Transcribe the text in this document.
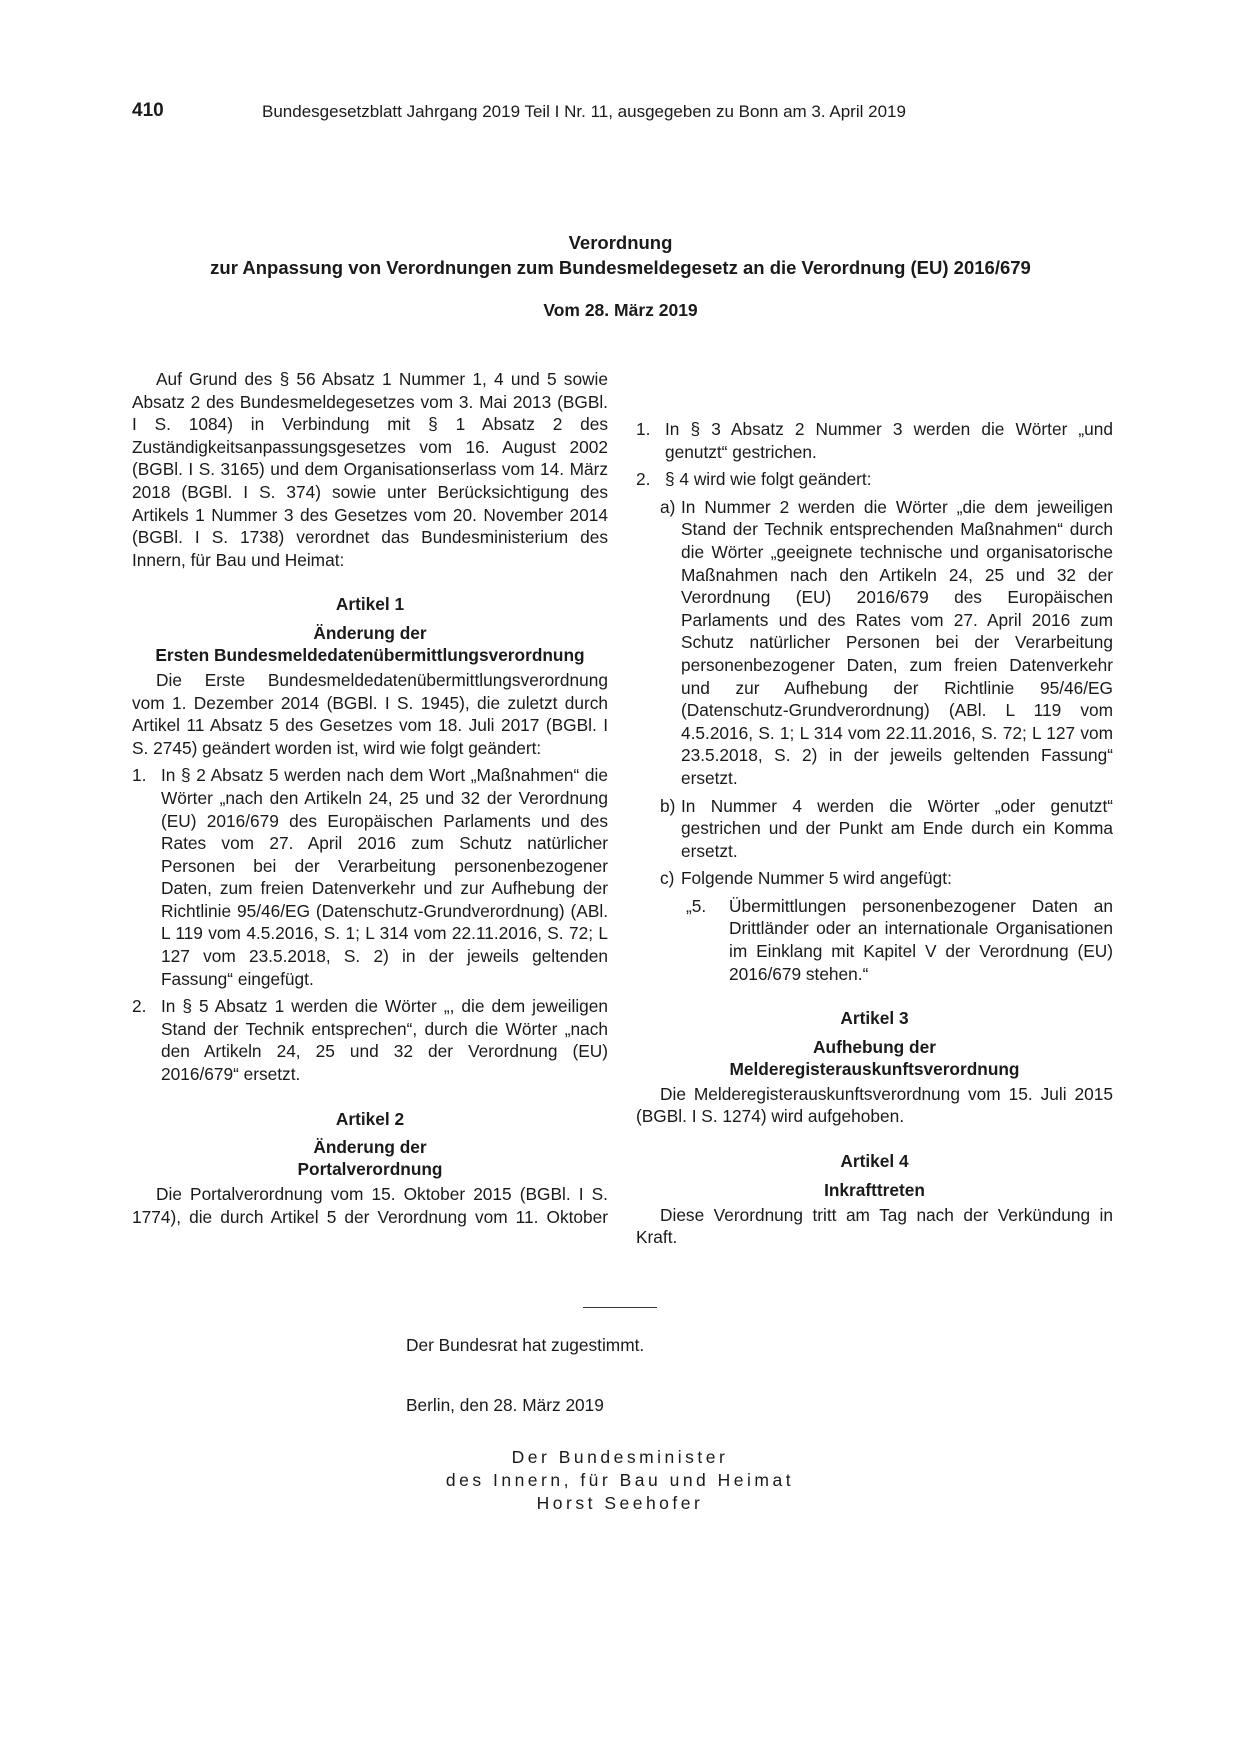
410	Bundesgesetzblatt Jahrgang 2019 Teil I Nr. 11, ausgegeben zu Bonn am 3. April 2019
Verordnung
zur Anpassung von Verordnungen zum Bundesmeldegesetz an die Verordnung (EU) 2016/679
Vom 28. März 2019

Auf Grund des § 56 Absatz 1 Nummer 1, 4 und 5 sowie Absatz 2 des Bundesmeldegesetzes vom 3. Mai 2013 (BGBl. I S. 1084) in Verbindung mit § 1 Absatz 2 des Zuständigkeitsanpassungsgesetzes vom 16. August 2002 (BGBl. I S. 3165) und dem Organisationserlass vom 14. März 2018 (BGBl. I S. 374) sowie unter Berücksichtigung des Artikels 1 Nummer 3 des Gesetzes vom 20. November 2014 (BGBl. I S. 1738) verordnet das Bundesministerium des Innern, für Bau und Heimat:

Artikel 1
Änderung der
Ersten Bundesmeldedatenübermittlungsverordnung

Die Erste Bundesmeldedatenübermittlungsverordnung vom 1. Dezember 2014 (BGBl. I S. 1945), die zuletzt durch Artikel 11 Absatz 5 des Gesetzes vom 18. Juli 2017 (BGBl. I S. 2745) geändert worden ist, wird wie folgt geändert:

1. In § 2 Absatz 5 werden nach dem Wort „Maßnahmen“ die Wörter „nach den Artikeln 24, 25 und 32 der Verordnung (EU) 2016/679 des Europäischen Parlaments und des Rates vom 27. April 2016 zum Schutz natürlicher Personen bei der Verarbeitung personenbezogener Daten, zum freien Datenverkehr und zur Aufhebung der Richtlinie 95/46/EG (Datenschutz-Grundverordnung) (ABl. L 119 vom 4.5.2016, S. 1; L 314 vom 22.11.2016, S. 72; L 127 vom 23.5.2018, S. 2) in der jeweils geltenden Fassung“ eingefügt.
2. In § 5 Absatz 1 werden die Wörter „, die dem jeweiligen Stand der Technik entsprechen“, durch die Wörter „nach den Artikeln 24, 25 und 32 der Verordnung (EU) 2016/679“ ersetzt.
Artikel 2
Änderung der
Portalverordnung

Die Portalverordnung vom 15. Oktober 2015 (BGBl. I S. 1774), die durch Artikel 5 der Verordnung vom 11. Oktober

1. In § 3 Absatz 2 Nummer 3 werden die Wörter „und genutzt“ gestrichen.
2. § 4 wird wie folgt geändert:
a) In Nummer 2 werden die Wörter „die dem jeweiligen Stand der Technik entsprechenden Maßnahmen“ durch die Wörter „geeignete technische und organisatorische Maßnahmen nach den Artikeln 24, 25 und 32 der Verordnung (EU) 2016/679 des Europäischen Parlaments und des Rates vom 27. April 2016 zum Schutz natürlicher Personen bei der Verarbeitung personenbezogener Daten, zum freien Datenverkehr und zur Aufhebung der Richtlinie 95/46/EG (Datenschutz-Grundverordnung) (ABl. L 119 vom 4.5.2016, S. 1; L 314 vom 22.11.2016, S. 72; L 127 vom 23.5.2018, S. 2) in der jeweils geltenden Fassung“ ersetzt.
b) In Nummer 4 werden die Wörter „oder genutzt“ gestrichen und der Punkt am Ende durch ein Komma ersetzt.
c) Folgende Nummer 5 wird angefügt:
„5. Übermittlungen personenbezogener Daten an Drittländer oder an internationale Organisationen im Einklang mit Kapitel V der Verordnung (EU) 2016/679 stehen.“
Artikel 3
Aufhebung der
Melderegisterauskunftsverordnung

Die Melderegisterauskunftsverordnung vom 15. Juli 2015 (BGBl. I S. 1274) wird aufgehoben.

Artikel 4
Inkrafttreten

Diese Verordnung tritt am Tag nach der Verkündung in Kraft.

Der Bundesrat hat zugestimmt.
Berlin, den 28. März 2019
Der Bundesminister
des Innern, für Bau und Heimat
Horst Seehofer
